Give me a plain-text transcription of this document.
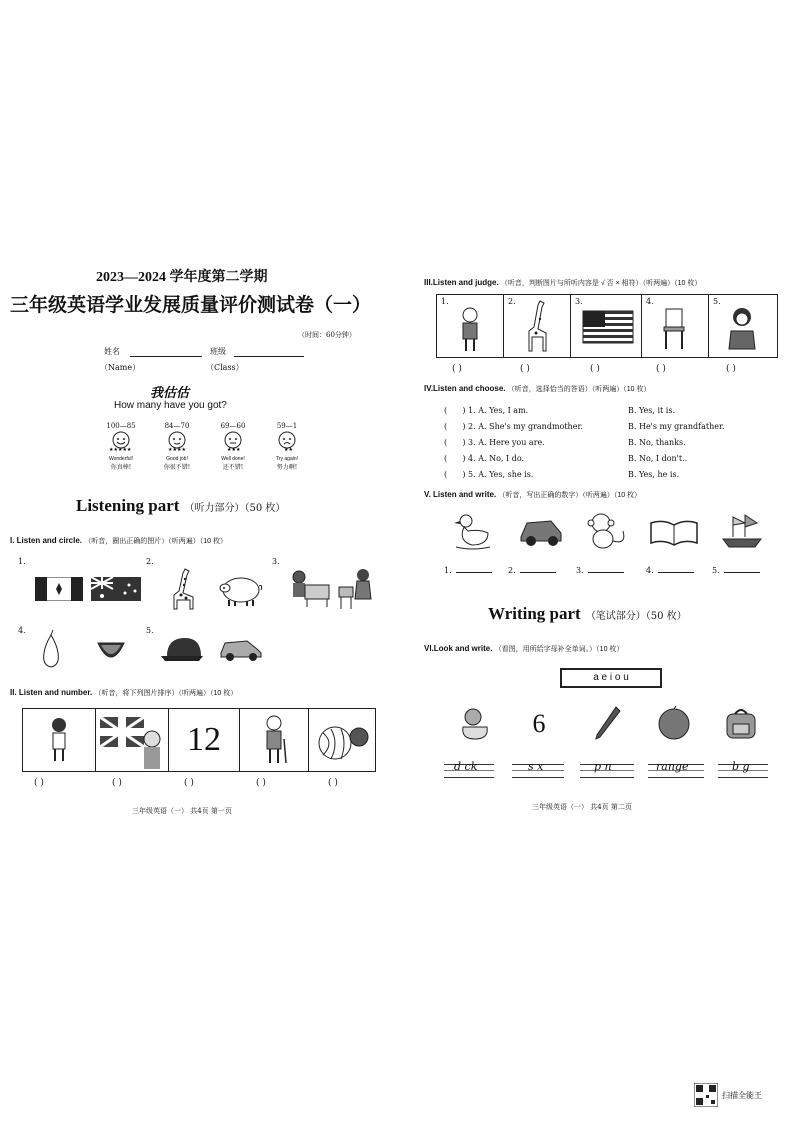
2023—2024 学年度第二学期
三年级英语学业发展质量评价测试卷（一）
（时间：60分钟）
姓名	班级
（Name）	（Class）
我估估
How many have you got?
100—85
★★★★★
Wonderful!
你真棒!
84—70
★★★★
Good job!
你很不错!
69—60
★★★
Well done!
还不错!
59—1
★★
Try again!
努力啊!
Listening part （听力部分）（50 枚）
I. Listen and circle. （听音，圈出正确的图片）（听两遍）（10 枚）
1.	2.	3.
4.	5.
II. Listen and number. （听音，将下列图片排序）（听两遍）（10 枚）
12
( )	( )	( )	( )	( )
三年级英语（一） 共4页 第一页
III.Listen and judge. （听音，判断图片与所听内容是 √ 否 × 相符）（听两遍）（10 枚）
1.	2.	3.	4.	5.
( )	( )	( )	( )	( )
IV.Listen and choose. （听音，选择恰当的答语）（听两遍）（10 枚）
(      ) 1. A. Yes, I am.	B. Yes, it is.
(      ) 2. A. She's my grandmother.	B. He's my grandfather.
(      ) 3. A. Here you are.	B. No, thanks.
(      ) 4. A. No, I do.	B. No, I don't..
(      ) 5. A. Yes, she is.	B. Yes, he is.
V. Listen and write. （听音，写出正确的数字）（听两遍）（10 枚）
1.	2.	3.	4.	5.
Writing part （笔试部分）（50 枚）
VI.Look and write. （看图，用所给字母补全单词。）（10 枚）
a e i o u
6
d ck	s x	p n	range	b g
三年级英语（一） 共4页 第二页
扫描全能王
